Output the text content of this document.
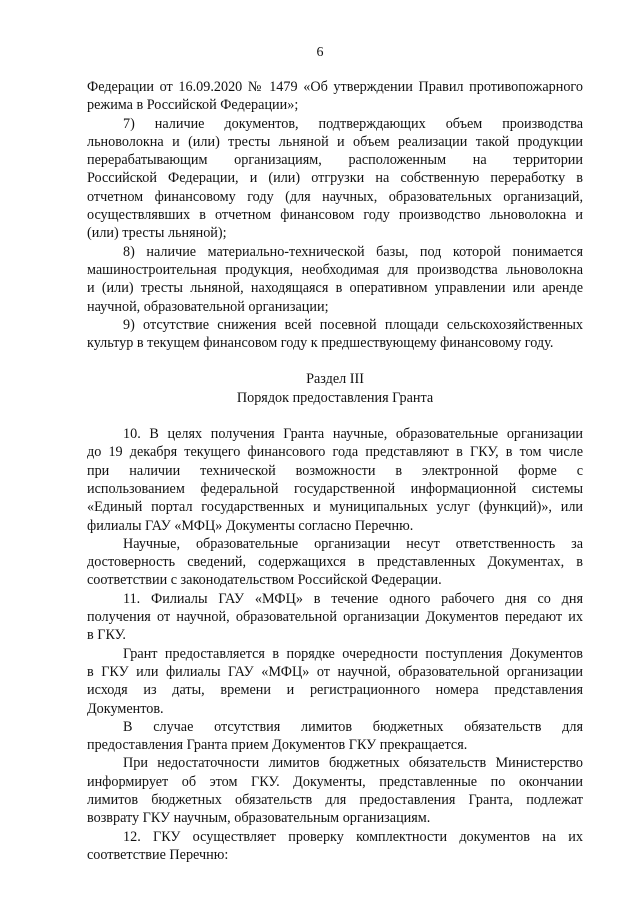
6
Федерации от 16.09.2020 № 1479 «Об утверждении Правил противопожарного
режима в Российской Федерации»;
7) наличие документов, подтверждающих объем производства
льноволокна и (или) тресты льняной и объем реализации такой продукции
перерабатывающим организациям, расположенным на территории
Российской Федерации, и (или) отгрузки на собственную переработку в
отчетном финансовому году (для научных, образовательных организаций,
осуществлявших в отчетном финансовом году производство льноволокна и
(или) тресты льняной);
8) наличие материально-технической базы, под которой понимается
машиностроительная продукция, необходимая для производства льноволокна
и (или) тресты льняной, находящаяся в оперативном управлении или аренде
научной, образовательной организации;
9) отсутствие снижения всей посевной площади сельскохозяйственных
культур в текущем финансовом году к предшествующему финансовому году.
Раздел III
Порядок предоставления Гранта
10. В целях получения Гранта научные, образовательные организации
до 19 декабря текущего финансового года представляют в ГКУ, в том числе
при наличии технической возможности в электронной форме с
использованием федеральной государственной информационной системы
«Единый портал государственных и муниципальных услуг (функций)», или
филиалы ГАУ «МФЦ» Документы согласно Перечню.
Научные, образовательные организации несут ответственность за
достоверность сведений, содержащихся в представленных Документах, в
соответствии с законодательством Российской Федерации.
11. Филиалы ГАУ «МФЦ» в течение одного рабочего дня со дня
получения от научной, образовательной организации Документов передают их
в ГКУ.
Грант предоставляется в порядке очередности поступления Документов
в ГКУ или филиалы ГАУ «МФЦ» от научной, образовательной организации
исходя из даты, времени и регистрационного номера представления
Документов.
В случае отсутствия лимитов бюджетных обязательств для
предоставления Гранта прием Документов ГКУ прекращается.
При недостаточности лимитов бюджетных обязательств Министерство
информирует об этом ГКУ. Документы, представленные по окончании
лимитов бюджетных обязательств для предоставления Гранта, подлежат
возврату ГКУ научным, образовательным организациям.
12. ГКУ осуществляет проверку комплектности документов на их
соответствие Перечню:
